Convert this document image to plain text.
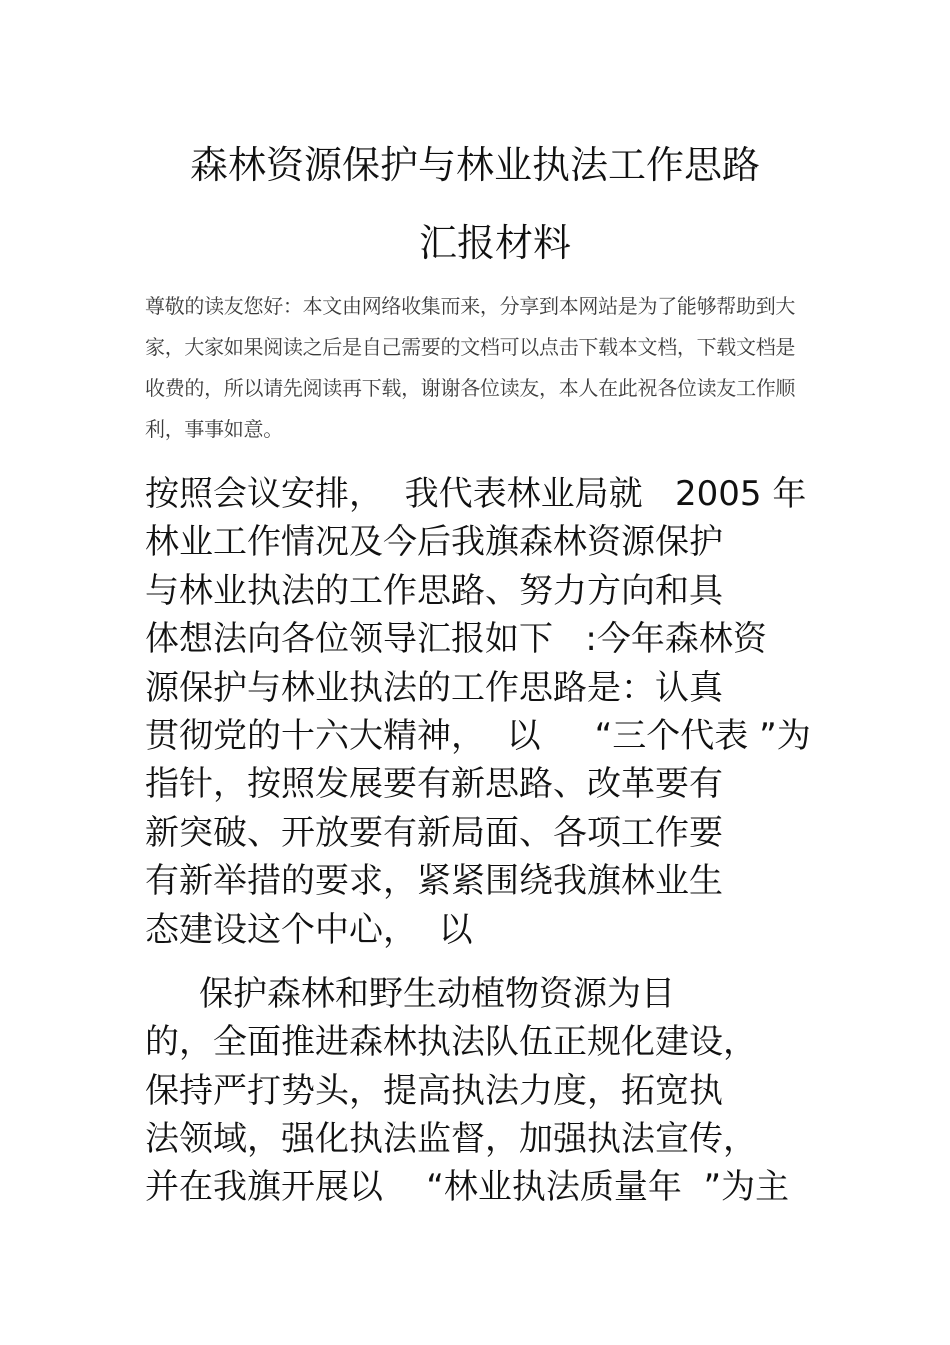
森林资源保护与林业执法工作思路
汇报材料
尊敬的读友您好：本文由网络收集而来，分享到本网站是为了能够帮助到大
家，大家如果阅读之后是自己需要的文档可以点击下载本文档，下载文档是
收费的，所以请先阅读再下载，谢谢各位读友，本人在此祝各位读友工作顺
利，事事如意。
按照会议安排，  我代表林业局就   2005 年
林业工作情况及今后我旗森林资源保护
与林业执法的工作思路、努力方向和具
体想法向各位领导汇报如下   :今年森林资
源保护与林业执法的工作思路是：认真
贯彻党的十六大精神，  以     “三个代表 ”为
指针，按照发展要有新思路、改革要有
新突破、开放要有新局面、各项工作要
有新举措的要求，紧紧围绕我旗林业生
态建设这个中心，  以
保护森林和野生动植物资源为目
的，全面推进森林执法队伍正规化建设，
保持严打势头，提高执法力度，拓宽执
法领域，强化执法监督，加强执法宣传，
并在我旗开展以    “林业执法质量年  ”为主
